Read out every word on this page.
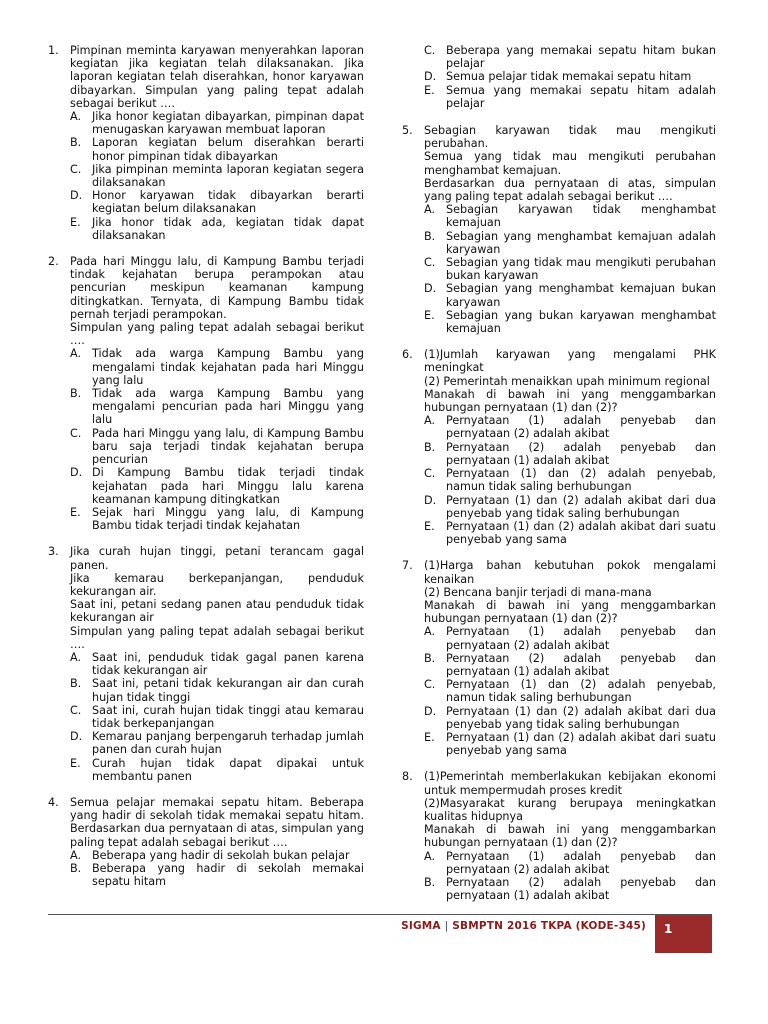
1.	Pimpinan meminta karyawan menyerahkan laporan kegiatan jika kegiatan telah dilaksanakan. Jika laporan kegiatan telah diserahkan, honor karyawan dibayarkan. Simpulan yang paling tepat adalah sebagai berikut ….

A. Jika honor kegiatan dibayarkan, pimpinan dapat menugaskan karyawan membuat laporan
B. Laporan kegiatan belum diserahkan berarti honor pimpinan tidak dibayarkan
C. Jika pimpinan meminta laporan kegiatan segera dilaksanakan
D. Honor karyawan tidak dibayarkan berarti kegiatan belum dilaksanakan
E.	Jika honor tidak ada, kegiatan tidak dapat dilaksanakan
2.	Pada hari Minggu lalu, di Kampung Bambu terjadi tindak kejahatan berupa perampokan atau pencurian meskipun keamanan kampung ditingkatkan. Ternyata, di Kampung Bambu tidak pernah terjadi perampokan.

Simpulan yang paling tepat adalah sebagai berikut ….

A. Tidak ada warga Kampung Bambu yang mengalami tindak kejahatan pada hari Minggu yang lalu
B. Tidak ada warga Kampung Bambu yang mengalami pencurian pada hari Minggu yang lalu
C. Pada hari Minggu yang lalu, di Kampung Bambu baru saja terjadi tindak kejahatan berupa pencurian
D. Di Kampung Bambu tidak terjadi tindak kejahatan pada hari Minggu lalu karena keamanan kampung ditingkatkan
E.	Sejak hari Minggu yang lalu, di Kampung Bambu tidak terjadi tindak kejahatan
3.	Jika curah hujan tinggi, petani terancam gagal panen.

Jika kemarau berkepanjangan, penduduk kekurangan air.

Saat ini, petani sedang panen atau penduduk tidak kekurangan air

Simpulan yang paling tepat adalah sebagai berikut ….

A. Saat ini, penduduk tidak gagal panen karena tidak kekurangan air
B. Saat ini, petani tidak kekurangan air dan curah hujan tidak tinggi
C. Saat ini, curah hujan tidak tinggi atau kemarau tidak berkepanjangan
D. Kemarau panjang berpengaruh terhadap jumlah panen dan curah hujan
E.	Curah hujan tidak dapat dipakai untuk membantu panen
4.	Semua pelajar memakai sepatu hitam. Beberapa yang hadir di sekolah tidak memakai sepatu hitam. Berdasarkan dua pernyataan di atas, simpulan yang paling tepat adalah sebagai berikut ….

A. Beberapa yang hadir di sekolah bukan pelajar
B. Beberapa yang hadir di sekolah memakai sepatu hitam
C. Beberapa yang memakai sepatu hitam bukan pelajar
D. Semua pelajar tidak memakai sepatu hitam
E.	Semua yang memakai sepatu hitam adalah pelajar
5.	Sebagian karyawan tidak mau mengikuti perubahan.

Semua yang tidak mau mengikuti perubahan menghambat kemajuan.

Berdasarkan dua pernyataan di atas, simpulan yang paling tepat adalah sebagai berikut ….

A. Sebagian karyawan tidak menghambat kemajuan
B. Sebagian yang menghambat kemajuan adalah karyawan
C. Sebagian yang tidak mau mengikuti perubahan bukan karyawan
D. Sebagian yang menghambat kemajuan bukan karyawan
E.	Sebagian yang bukan karyawan menghambat kemajuan
6.	(1)Jumlah karyawan yang mengalami PHK meningkat

(2) Pemerintah menaikkan upah minimum regional

Manakah di bawah ini yang menggambarkan hubungan pernyataan (1) dan (2)?

A. Pernyataan (1) adalah penyebab dan pernyataan (2) adalah akibat
B. Pernyataan (2) adalah penyebab dan pernyataan (1) adalah akibat
C. Pernyataan (1) dan (2) adalah penyebab, namun tidak saling berhubungan
D. Pernyataan (1) dan (2) adalah akibat dari dua penyebab yang tidak saling berhubungan
E.	Pernyataan (1) dan (2) adalah akibat dari suatu penyebab yang sama
7.	(1)Harga bahan kebutuhan pokok mengalami kenaikan

(2) Bencana banjir terjadi di mana-mana

Manakah di bawah ini yang menggambarkan hubungan pernyataan (1) dan (2)?

A. Pernyataan (1) adalah penyebab dan pernyataan (2) adalah akibat
B. Pernyataan (2) adalah penyebab dan pernyataan (1) adalah akibat
C. Pernyataan (1) dan (2) adalah penyebab, namun tidak saling berhubungan
D. Pernyataan (1) dan (2) adalah akibat dari dua penyebab yang tidak saling berhubungan
E.	Pernyataan (1) dan (2) adalah akibat dari suatu penyebab yang sama
8.	(1)Pemerintah memberlakukan kebijakan ekonomi untuk mempermudah proses kredit

(2)Masyarakat kurang berupaya meningkatkan kualitas hidupnya

Manakah di bawah ini yang menggambarkan hubungan pernyataan (1) dan (2)?

A. Pernyataan (1) adalah penyebab dan pernyataan (2) adalah akibat
B. Pernyataan (2) adalah penyebab dan pernyataan (1) adalah akibat
SIGMA | SBMPTN 2016 TKPA (KODE-345)	1
